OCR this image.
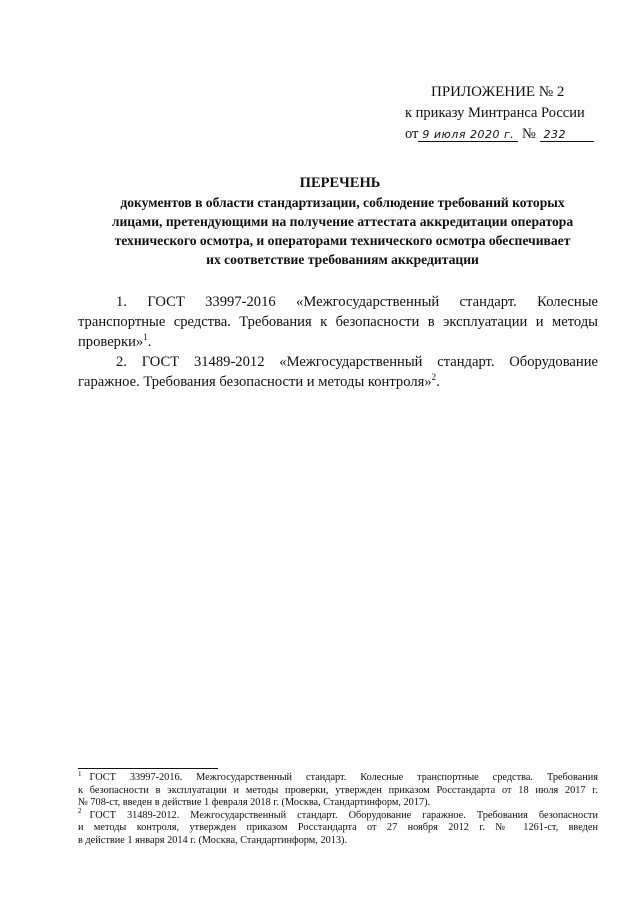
ПРИЛОЖЕНИЕ № 2
к приказу Минтранса России
от 9 июля 2020 г. № 232
ПЕРЕЧЕНЬ
документов в области стандартизации, соблюдение требований которых
лицами, претендующими на получение аттестата аккредитации оператора
технического осмотра, и операторами технического осмотра обеспечивает
их соответствие требованиям аккредитации
1. ГОСТ 33997-2016 «Межгосударственный стандарт. Колесные
транспортные средства. Требования к безопасности в эксплуатации и методы
проверки»$^1$.
2. ГОСТ 31489-2012 «Межгосударственный стандарт. Оборудование
гаражное. Требования безопасности и методы контроля»$^2$.
$^1$ ГОСТ 33997-2016. Межгосударственный стандарт. Колесные транспортные средства. Требования
к безопасности в эксплуатации и методы проверки, утвержден приказом Росстандарта от 18 июля 2017 г.
№ 708-ст, введен в действие 1 февраля 2018 г. (Москва, Стандартинформ, 2017).
$^2$ ГОСТ 31489-2012. Межгосударственный стандарт. Оборудование гаражное. Требования безопасности
и методы контроля, утвержден приказом Росстандарта от 27 ноября 2012 г. № 1261-ст, введен
в действие 1 января 2014 г. (Москва, Стандартинформ, 2013).
